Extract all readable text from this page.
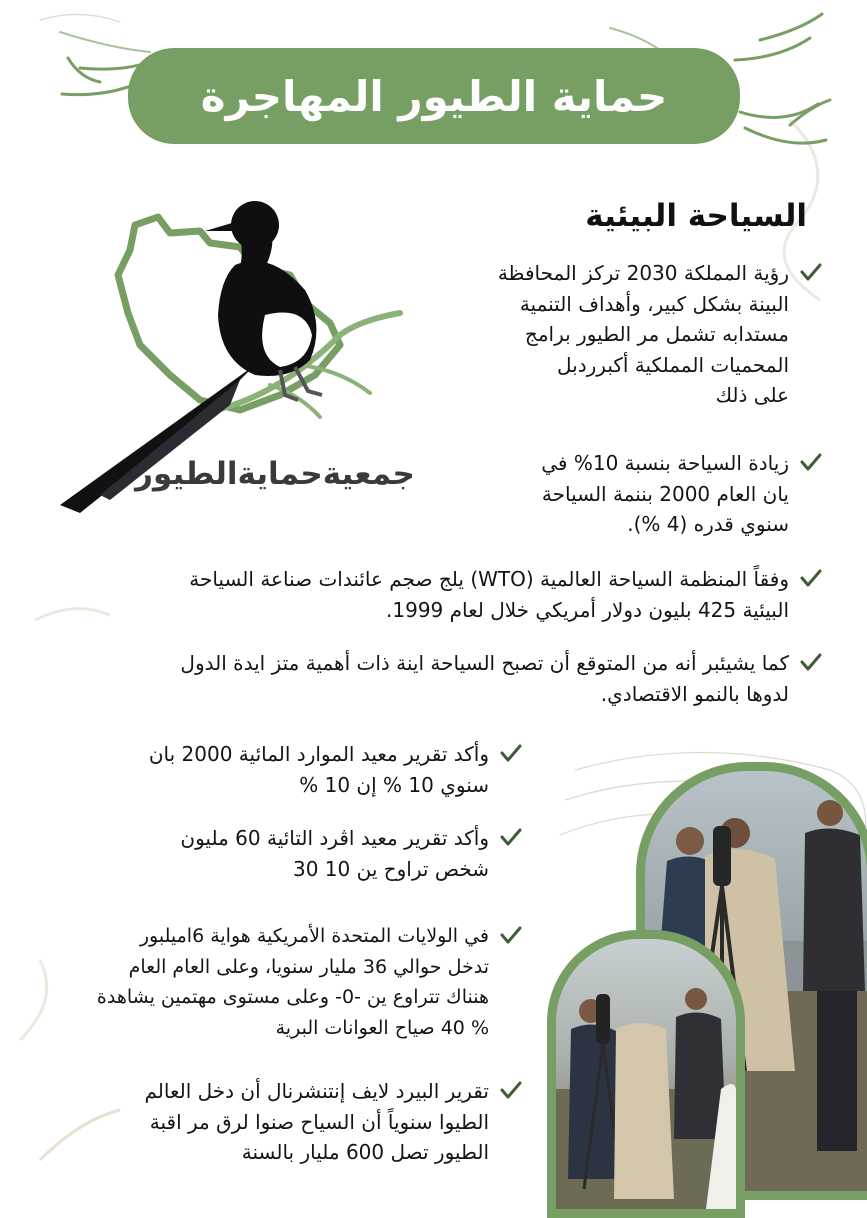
حماية الطيور المهاجرة
جمعيةحمايةالطيور
السياحة البيئية
رؤية المملكة 2030 تركز المحافظة
البينة بشكل كبير، وأهداف التنمية
مستدابه تشمل مر الطيور برامج
المحميات المملكية أكبرردبل
على ذلك
زيادة السياحة بنسبة 10% في
يان العام 2000 بننمة السياحة
سنوي قدره (4 %).
وفقاً المنظمة السياحة العالمية (WTO) يلج صجم عائندات صناعة السياحة
البيئية 425 بليون دولار أمريكي خلال لعام 1999.
كما يشيئبر أنه من المتوقع أن تصبح السياحة اينة ذات أهمية متز ايدة الدول
لدوها بالنمو الاقتصادي.
وأكد تقرير معيد الموارد المائية 2000 بان
سنوي 10 % إن 10 %
وأكد تقرير معيد اڤرد التائية 60 مليون
شخص تراوح ين 10 30
في الولايات المتحدة الأمريكية هواية 6اميلبور
تدخل حوالي 36 مليار سنويا، وعلى العام العام
هنناك تتراوع ين -0- وعلى مستوى مهتمين يشاهدة
% 40 صياح العوانات البرية
تقرير البيرد لايف إنتنشرنال أن دخل العالم
الطيوا سنوياً أن السياح صنوا لرق مر اقبة
الطيور تصل 600 مليار بالسنة
